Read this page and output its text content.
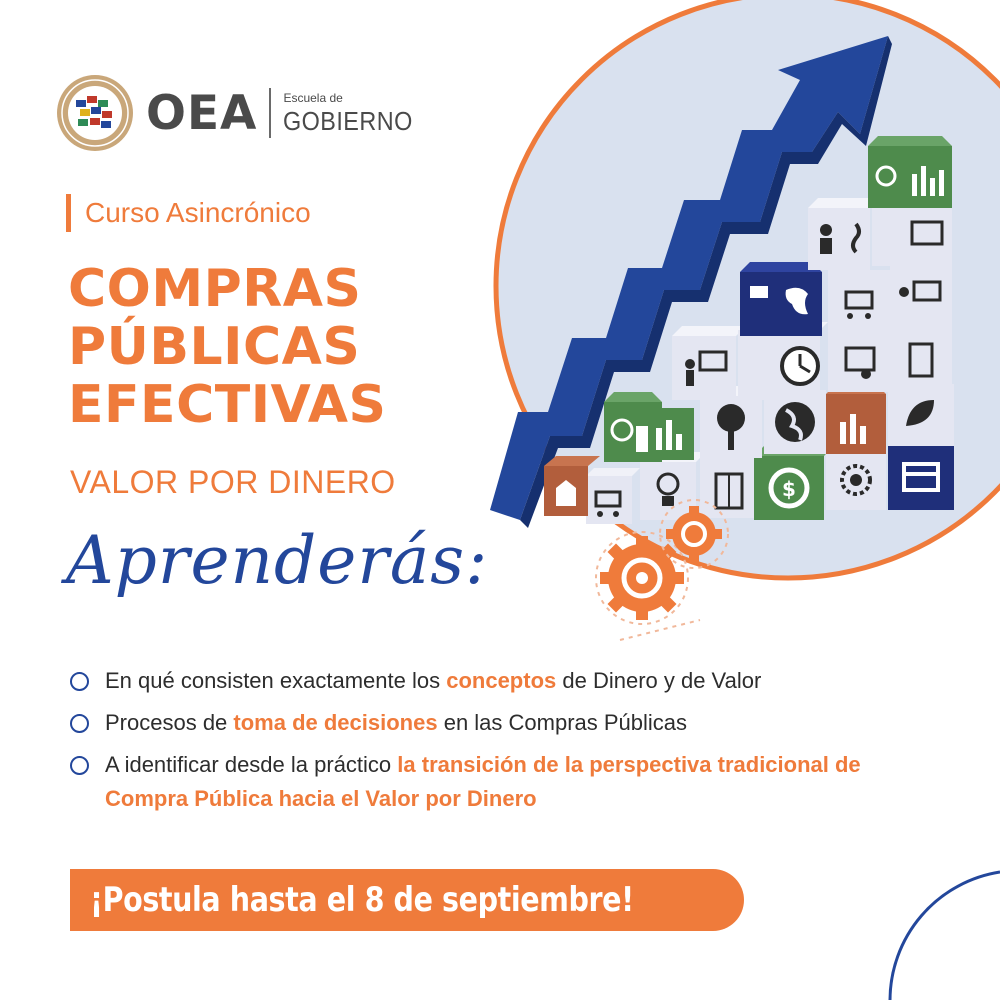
$
OEA Escuela de
GOBIERNO
Curso Asincrónico
COMPRAS
PÚBLICAS
EFECTIVAS
VALOR POR DINERO
Aprenderás:
En qué consisten exactamente los conceptos de Dinero y de Valor
Procesos de toma de decisiones en las Compras Públicas
A identificar desde la práctico la transición de la perspectiva tradicional de Compra Pública hacia el Valor por Dinero
¡Postula hasta el 8 de septiembre!
